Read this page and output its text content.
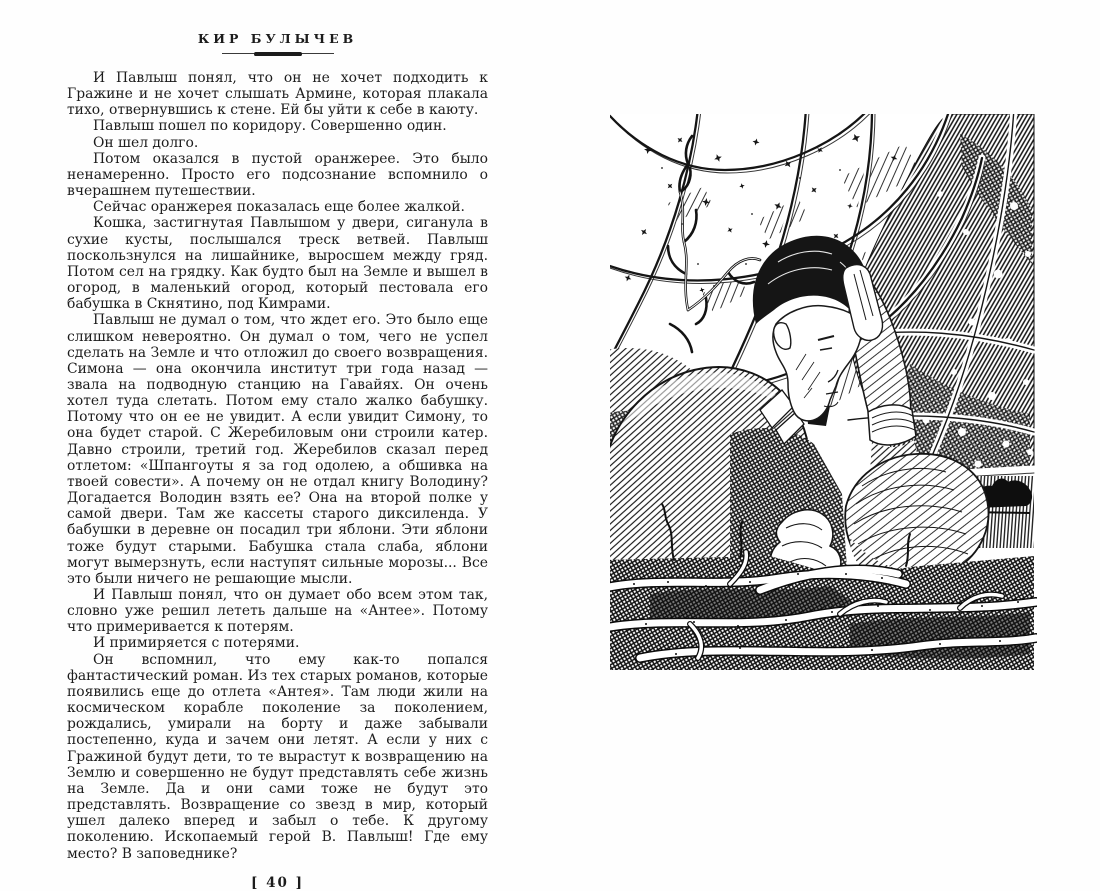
КИР БУЛЫЧЕВ

И Павлыш понял, что он не хочет подходить к Гражине и не хочет слышать Армине, которая плакала тихо, отвернувшись к стене. Ей бы уйти к себе в каюту.

Павлыш пошел по коридору. Совершенно один.

Он шел долго.

Потом оказался в пустой оранжерее. Это было ненамеренно. Просто его подсознание вспомнило о вчерашнем путешествии.

Сейчас оранжерея показалась еще более жалкой.

Кошка, застигнутая Павлышом у двери, сиганула в сухие кусты, послышался треск ветвей. Павлыш поскользнулся на лишайнике, выросшем между гряд. Потом сел на грядку. Как будто был на Земле и вышел в огород, в маленький огород, который пестовала его бабушка в Скнятино, под Кимрами.

Павлыш не думал о том, что ждет его. Это было еще слишком невероятно. Он думал о том, чего не успел сделать на Земле и что отложил до своего возвращения. Симона — она окончила институт три года назад — звала на подводную станцию на Гавайях. Он очень хотел туда слетать. Потом ему стало жалко бабушку. Потому что он ее не увидит. А если увидит Симону, то она будет старой. С Жеребиловым они строили катер. Давно строили, третий год. Жеребилов сказал перед отлетом: «Шпангоуты я за год одолею, а обшивка на твоей совести». А почему он не отдал книгу Володину? Догадается Володин взять ее? Она на второй полке у самой двери. Там же кассеты старого диксиленда. У бабушки в деревне он посадил три яблони. Эти яблони тоже будут старыми. Бабушка стала слаба, яблони могут вымерзнуть, если наступят сильные морозы... Все это были ничего не решающие мысли.

И Павлыш понял, что он думает обо всем этом так, словно уже решил лететь дальше на «Антее». Потому что примеривается к потерям.

И примиряется с потерями.

Он вспомнил, что ему как-то попался фантастический роман. Из тех старых романов, которые появились еще до отлета «Антея». Там люди жили на космическом корабле поколение за поколением, рождались, умирали на борту и даже забывали постепенно, куда и зачем они летят. А если у них с Гражиной будут дети, то те вырастут к возвращению на Землю и совершенно не будут представлять себе жизнь на Земле. Да и они сами тоже не будут это представлять. Возвращение со звезд в мир, который ушел далеко вперед и забыл о тебе. К другому поколению. Ископаемый герой В. Павлыш! Где ему место? В заповеднике?

[ 40 ]
